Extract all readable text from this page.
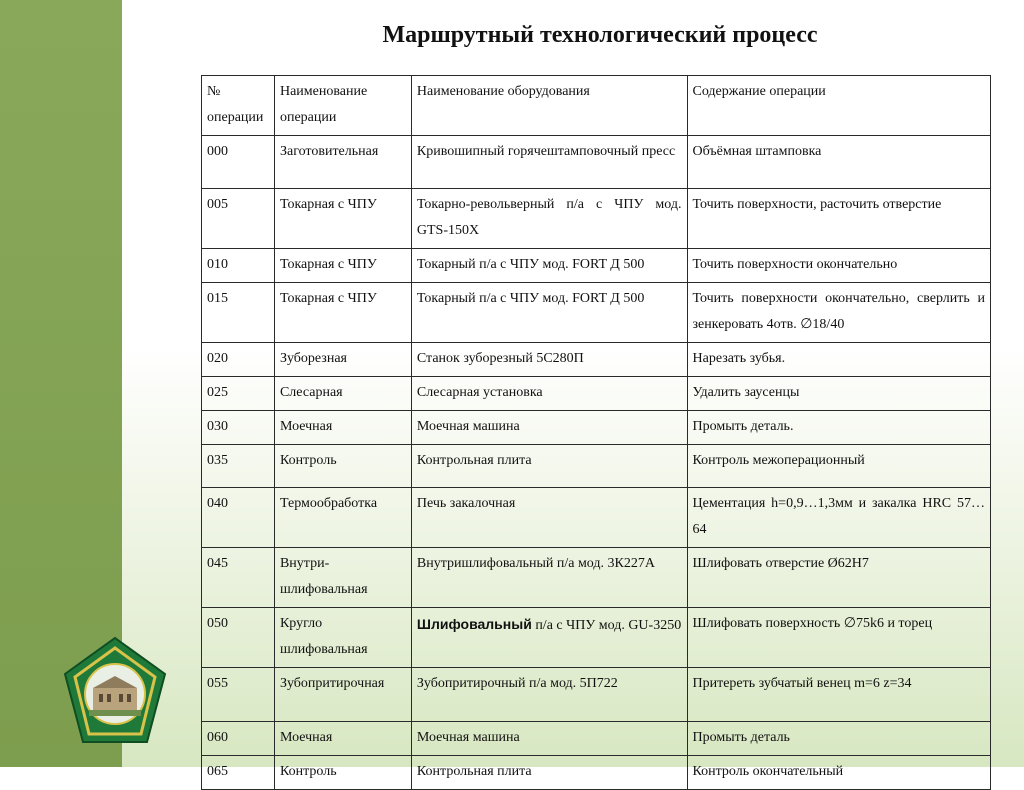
Маршрутный технологический процесс
№ операции	Наименование операции	Наименование оборудования	Содержание операции
000	Заготовительная	Кривошипный горячештамповочный пресс	Объёмная штамповка
005	Токарная с ЧПУ	Токарно-револьверный п/а с ЧПУ мод. GTS-150X	Точить поверхности, расточить отверстие
010	Токарная с ЧПУ	Токарный п/а с ЧПУ мод. FORT Д 500	Точить поверхности окончательно
015	Токарная с ЧПУ	Токарный п/а с ЧПУ мод. FORT Д 500	Точить поверхности окончательно, сверлить и зенкеровать 4отв. ∅18/40
020	Зуборезная	Станок зуборезный 5С280П	Нарезать зубья.
025	Слесарная	Слесарная установка	Удалить заусенцы
030	Моечная	Моечная машина	Промыть деталь.
035	Контроль	Контрольная плита	Контроль межоперационный
040	Термообработка	Печь закалочная	Цементация h=0,9…1,3мм и закалка HRC 57…64
045	Внутри-шлифовальная	Внутришлифовальный п/а мод. 3К227А	Шлифовать отверстие Ø62Н7
050	Кругло шлифовальная	Шлифовальный п/а с ЧПУ мод. GU-3250	Шлифовать поверхность ∅75k6 и торец
055	Зубопритирочная	Зубопритирочный п/а мод. 5П722	Притереть зубчатый венец m=6 z=34
060	Моечная	Моечная машина	Промыть деталь
065	Контроль	Контрольная плита	Контроль окончательный
